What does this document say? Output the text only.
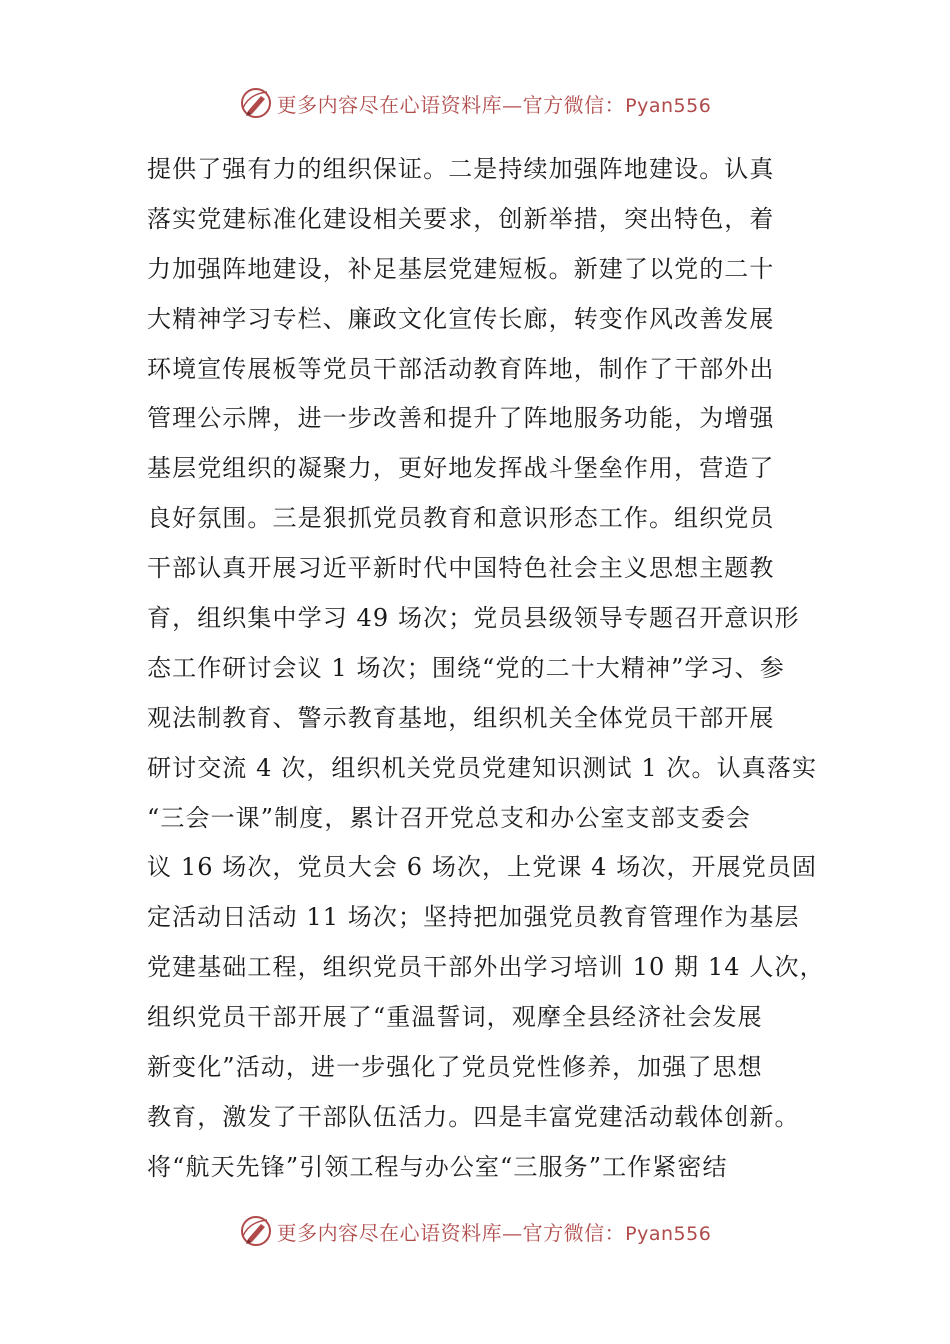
更多内容尽在心语资料库—官方微信：Pyan556
提供了强有力的组织保证。二是持续加强阵地建设。认真
落实党建标准化建设相关要求，创新举措，突出特色，着
力加强阵地建设，补足基层党建短板。新建了以党的二十
大精神学习专栏、廉政文化宣传长廊，转变作风改善发展
环境宣传展板等党员干部活动教育阵地，制作了干部外出
管理公示牌，进一步改善和提升了阵地服务功能，为增强
基层党组织的凝聚力，更好地发挥战斗堡垒作用，营造了
良好氛围。三是狠抓党员教育和意识形态工作。组织党员
干部认真开展习近平新时代中国特色社会主义思想主题教
育，组织集中学习 49 场次；党员县级领导专题召开意识形
态工作研讨会议 1 场次；围绕“党的二十大精神”学习、参
观法制教育、警示教育基地，组织机关全体党员干部开展
研讨交流 4 次，组织机关党员党建知识测试 1 次。认真落实
“三会一课”制度，累计召开党总支和办公室支部支委会
议 16 场次，党员大会 6 场次，上党课 4 场次，开展党员固
定活动日活动 11 场次；坚持把加强党员教育管理作为基层
党建基础工程，组织党员干部外出学习培训 10 期 14 人次，
组织党员干部开展了“重温誓词，观摩全县经济社会发展
新变化”活动，进一步强化了党员党性修养，加强了思想
教育，激发了干部队伍活力。四是丰富党建活动载体创新。
将“航天先锋”引领工程与办公室“三服务”工作紧密结
更多内容尽在心语资料库—官方微信：Pyan556
